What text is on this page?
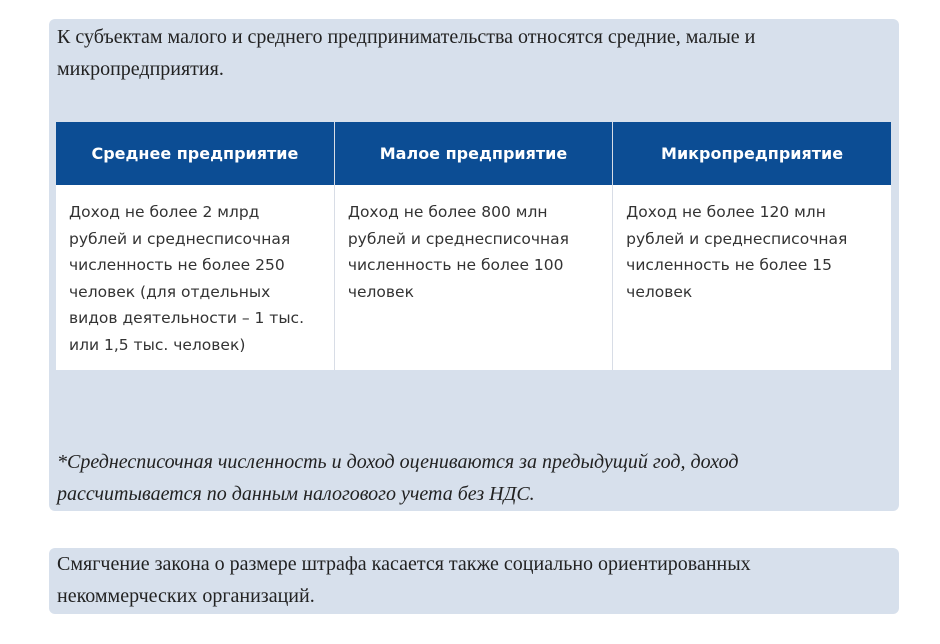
К субъектам малого и среднего предпринимательства относятся средние, малые и микропредприятия.

Среднее предприятие	Малое предприятие	Микропредприятие
Доход не более 2 млрд рублей и среднесписочная численность не более 250 человек (для отдельных видов деятельности – 1 тыс. или 1,5 тыс. человек)	Доход не более 800 млн рублей и среднесписочная численность не более 100 человек	Доход не более 120 млн рублей и среднесписочная численность не более 15 человек

*Среднесписочная численность и доход оцениваются за предыдущий год, доход рассчитывается по данным налогового учета без НДС.

Смягчение закона о размере штрафа касается также социально ориентированных некоммерческих организаций.
